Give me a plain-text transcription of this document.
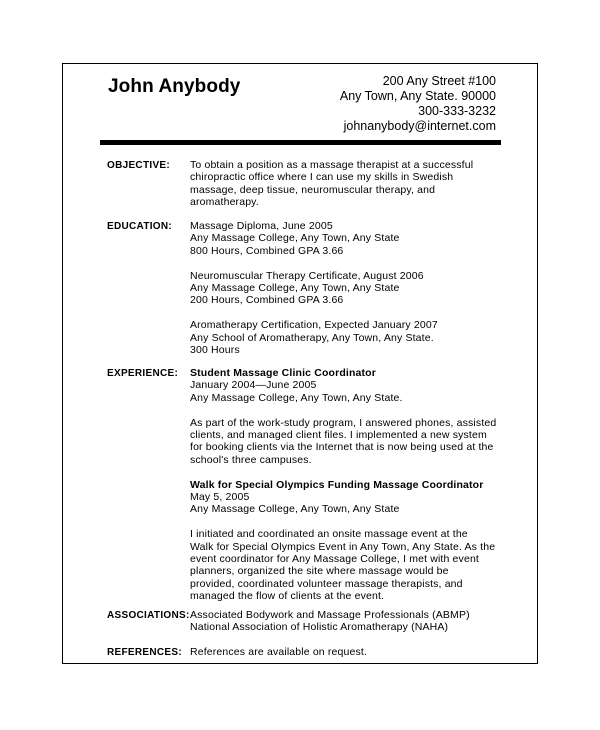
John Anybody	200 Any Street #100
Any Town, Any State. 90000
300-333-3232
johnanybody@internet.com
OBJECTIVE: To obtain a position as a massage therapist at a successful
chiropractic office where I can use my skills in Swedish
massage, deep tissue, neuromuscular therapy, and
aromatherapy.
EDUCATION: Massage Diploma, June 2005
Any Massage College, Any Town, Any State
800 Hours, Combined GPA 3.66
Neuromuscular Therapy Certificate, August 2006
Any Massage College, Any Town, Any State
200 Hours, Combined GPA 3.66
Aromatherapy Certification, Expected January 2007
Any School of Aromatherapy, Any Town, Any State.
300 Hours
EXPERIENCE: Student Massage Clinic Coordinator
January 2004—June 2005
Any Massage College, Any Town, Any State.
As part of the work-study program, I answered phones, assisted
clients, and managed client files. I implemented a new system
for booking clients via the Internet that is now being used at the
school's three campuses.
Walk for Special Olympics Funding Massage Coordinator
May 5, 2005
Any Massage College, Any Town, Any State
I initiated and coordinated an onsite massage event at the
Walk for Special Olympics Event in Any Town, Any State. As the
event coordinator for Any Massage College, I met with event
planners, organized the site where massage would be
provided, coordinated volunteer massage therapists, and
managed the flow of clients at the event.
ASSOCIATIONS: Associated Bodywork and Massage Professionals (ABMP)
National Association of Holistic Aromatherapy (NAHA)
REFERENCES: References are available on request.
